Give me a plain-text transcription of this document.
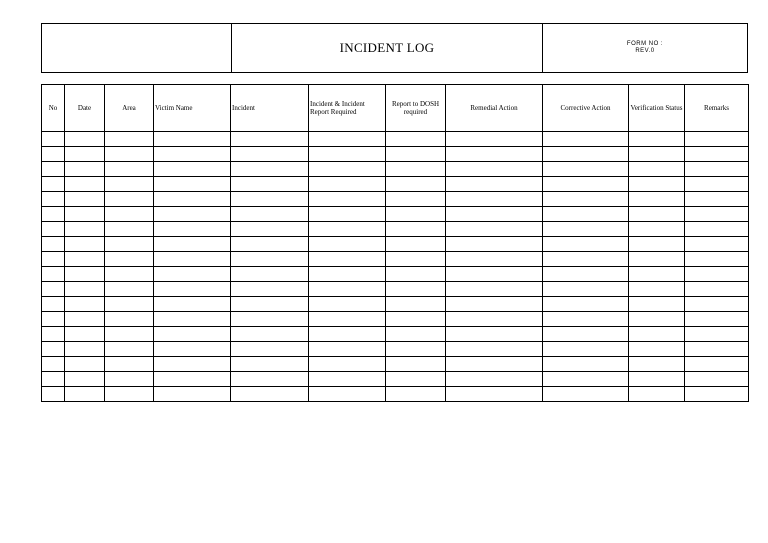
INCIDENT LOG	FORM NO :
REV.0
No	Date	Area	Victim Name	Incident	Incident & Incident Report Required	Report to DOSH required	Remedial Action	Corrective Action	Verification Status	Remarks
